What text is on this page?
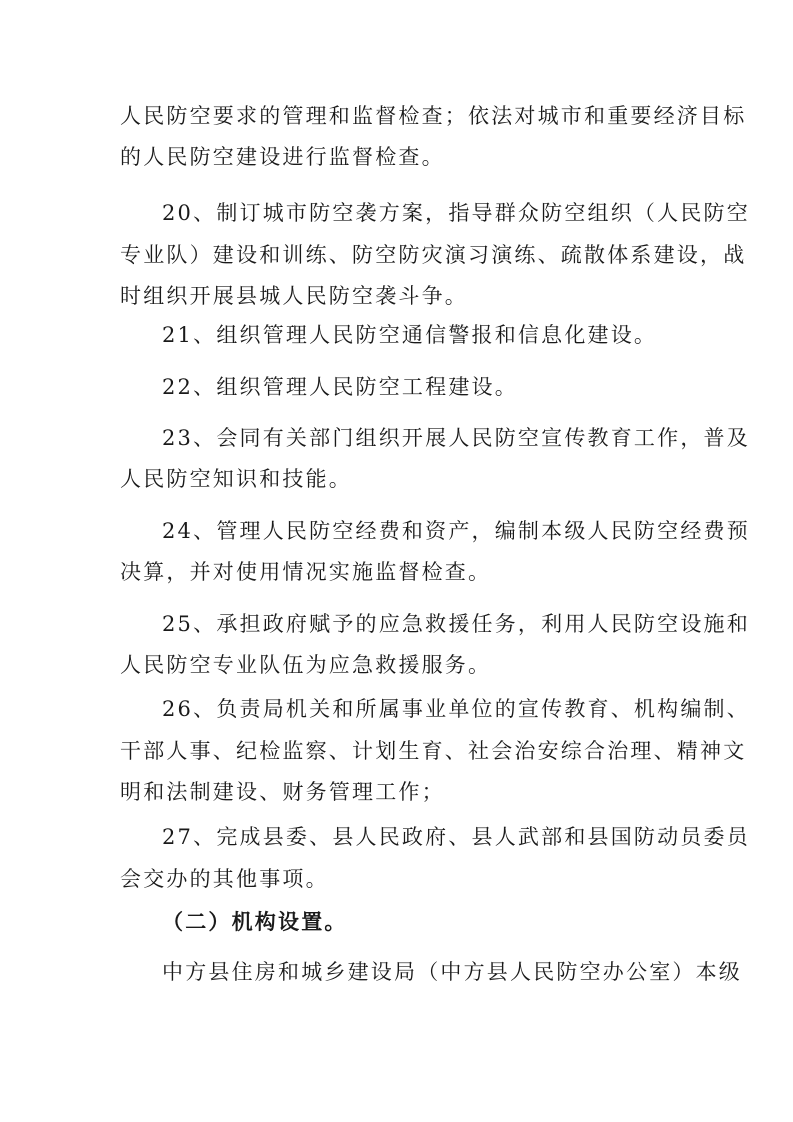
人民防空要求的管理和监督检查；依法对城市和重要经济目标
的人民防空建设进行监督检查。
20、制订城市防空袭方案，指导群众防空组织（人民防空
专业队）建设和训练、防空防灾演习演练、疏散体系建设，战
时组织开展县城人民防空袭斗争。
21、组织管理人民防空通信警报和信息化建设。
22、组织管理人民防空工程建设。
23、会同有关部门组织开展人民防空宣传教育工作，普及
人民防空知识和技能。
24、管理人民防空经费和资产，编制本级人民防空经费预
决算，并对使用情况实施监督检查。
25、承担政府赋予的应急救援任务，利用人民防空设施和
人民防空专业队伍为应急救援服务。
26、负责局机关和所属事业单位的宣传教育、机构编制、
干部人事、纪检监察、计划生育、社会治安综合治理、精神文
明和法制建设、财务管理工作；
27、完成县委、县人民政府、县人武部和县国防动员委员
会交办的其他事项。
（二）机构设置。
中方县住房和城乡建设局（中方县人民防空办公室）本级
